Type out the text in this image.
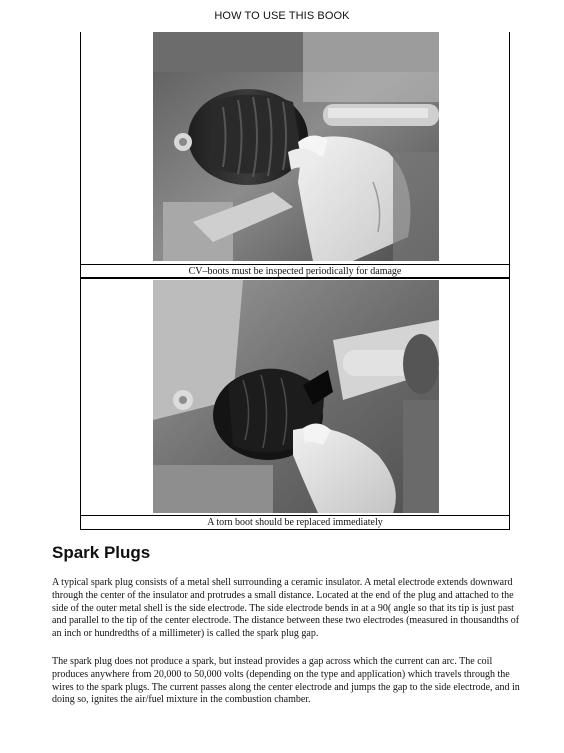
HOW TO USE THIS BOOK
CV–boots must be inspected periodically for damage
A torn boot should be replaced immediately
Spark Plugs

A typical spark plug consists of a metal shell surrounding a ceramic insulator. A metal electrode extends downward through the center of the insulator and protrudes a small distance. Located at the end of the plug and attached to the side of the outer metal shell is the side electrode. The side electrode bends in at a 90( angle so that its tip is just past and parallel to the tip of the center electrode. The distance between these two electrodes (measured in thousandths of an inch or hundredths of a millimeter) is called the spark plug gap.

The spark plug does not produce a spark, but instead provides a gap across which the current can arc. The coil produces anywhere from 20,000 to 50,000 volts (depending on the type and application) which travels through the wires to the spark plugs. The current passes along the center electrode and jumps the gap to the side electrode, and in doing so, ignites the air/fuel mixture in the combustion chamber.
